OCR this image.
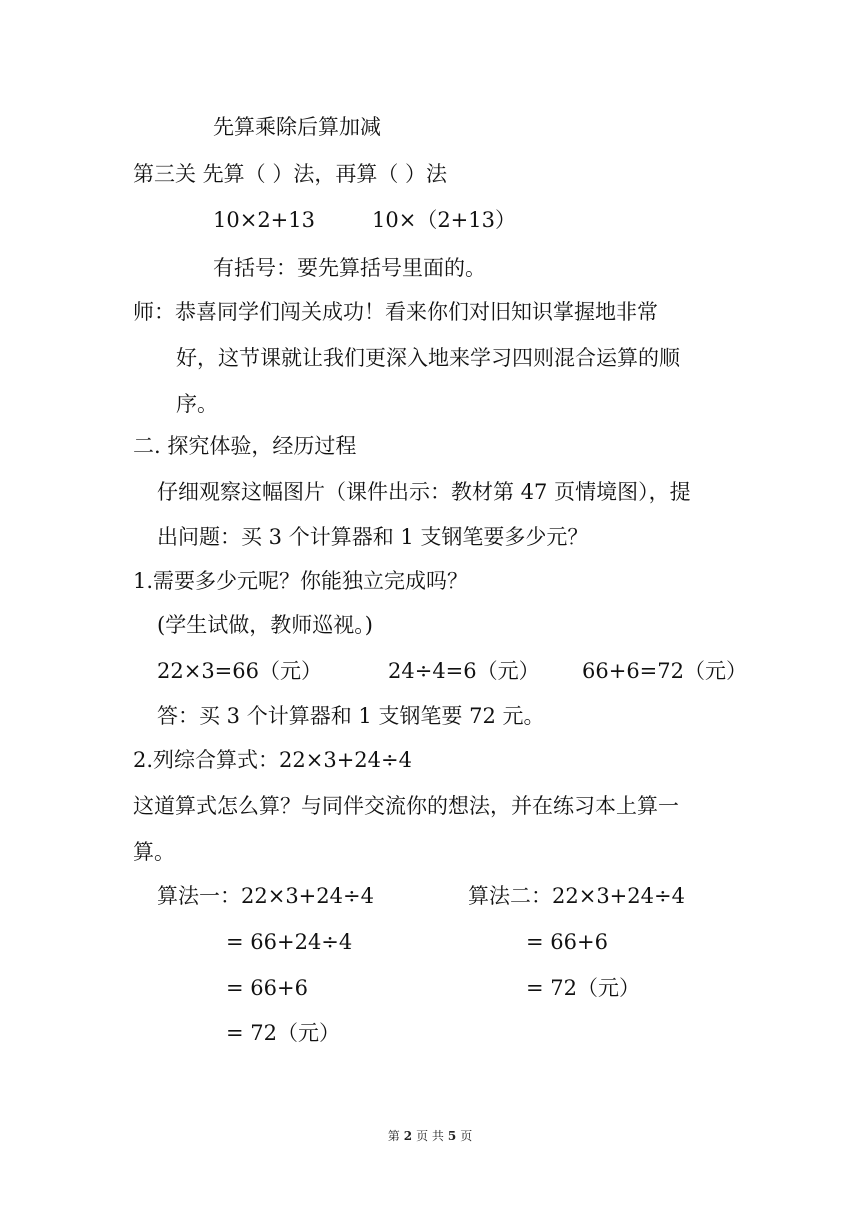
先算乘除后算加减
第三关 先算（ ）法，再算（ ）法
10×2+13	10×（2+13）
有括号：要先算括号里面的。
师：恭喜同学们闯关成功！看来你们对旧知识掌握地非常
好，这节课就让我们更深入地来学习四则混合运算的顺
序。
二. 探究体验，经历过程
仔细观察这幅图片（课件出示：教材第 47 页情境图），提
出问题：买 3 个计算器和 1 支钢笔要多少元？
1.需要多少元呢？你能独立完成吗？
(学生试做，教师巡视。)
22×3=66（元）	24÷4=6（元） 66+6=72（元）
答：买 3 个计算器和 1 支钢笔要 72 元。
2.列综合算式：22×3+24÷4
这道算式怎么算？与同伴交流你的想法，并在练习本上算一
算。
算法一：22×3+24÷4	算法二：22×3+24÷4
= 66+24÷4	= 66+6
= 66+6	= 72（元）
= 72（元）
第 2 页 共 5 页
